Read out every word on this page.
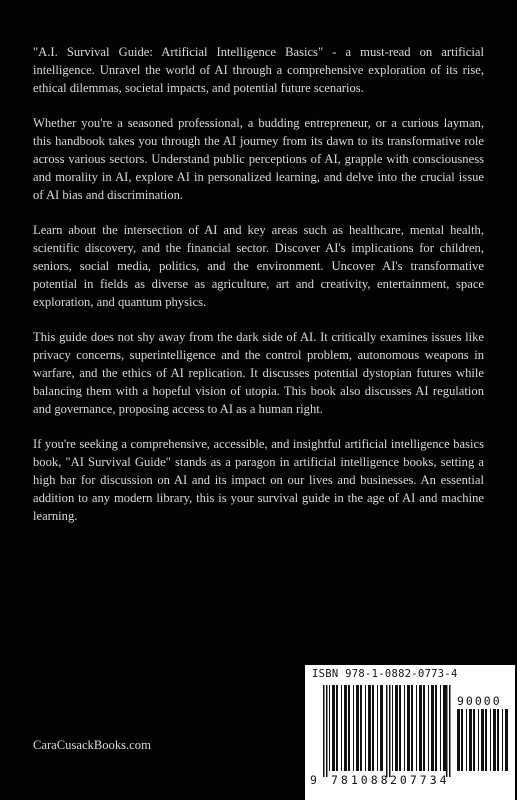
"A.I. Survival Guide: Artificial Intelligence Basics" - a must-read on artificial intelligence. Unravel the world of AI through a comprehensive exploration of its rise, ethical dilemmas, societal impacts, and potential future scenarios.

Whether you're a seasoned professional, a budding entrepreneur, or a curious layman, this handbook takes you through the AI journey from its dawn to its transformative role across various sectors. Understand public perceptions of AI, grapple with consciousness and morality in AI, explore AI in personalized learning, and delve into the crucial issue of AI bias and discrimination.

Learn about the intersection of AI and key areas such as healthcare, mental health, scientific discovery, and the financial sector. Discover AI's implications for children, seniors, social media, politics, and the environment. Uncover AI's transformative potential in fields as diverse as agriculture, art and creativity, entertainment, space exploration, and quantum physics.

This guide does not shy away from the dark side of AI. It critically examines issues like privacy concerns, superintelligence and the control problem, autonomous weapons in warfare, and the ethics of AI replication. It discusses potential dystopian futures while balancing them with a hopeful vision of utopia. This book also discusses AI regulation and governance, proposing access to AI as a human right.

If you're seeking a comprehensive, accessible, and insightful artificial intelligence basics book, "AI Survival Guide" stands as a paragon in artificial intelligence books, setting a high bar for discussion on AI and its impact on our lives and businesses. An essential addition to any modern library, this is your survival guide in the age of AI and machine learning.

CaraCusackBooks.com
ISBN 978-1-0882-0773-4
9 781088 207734
90000
